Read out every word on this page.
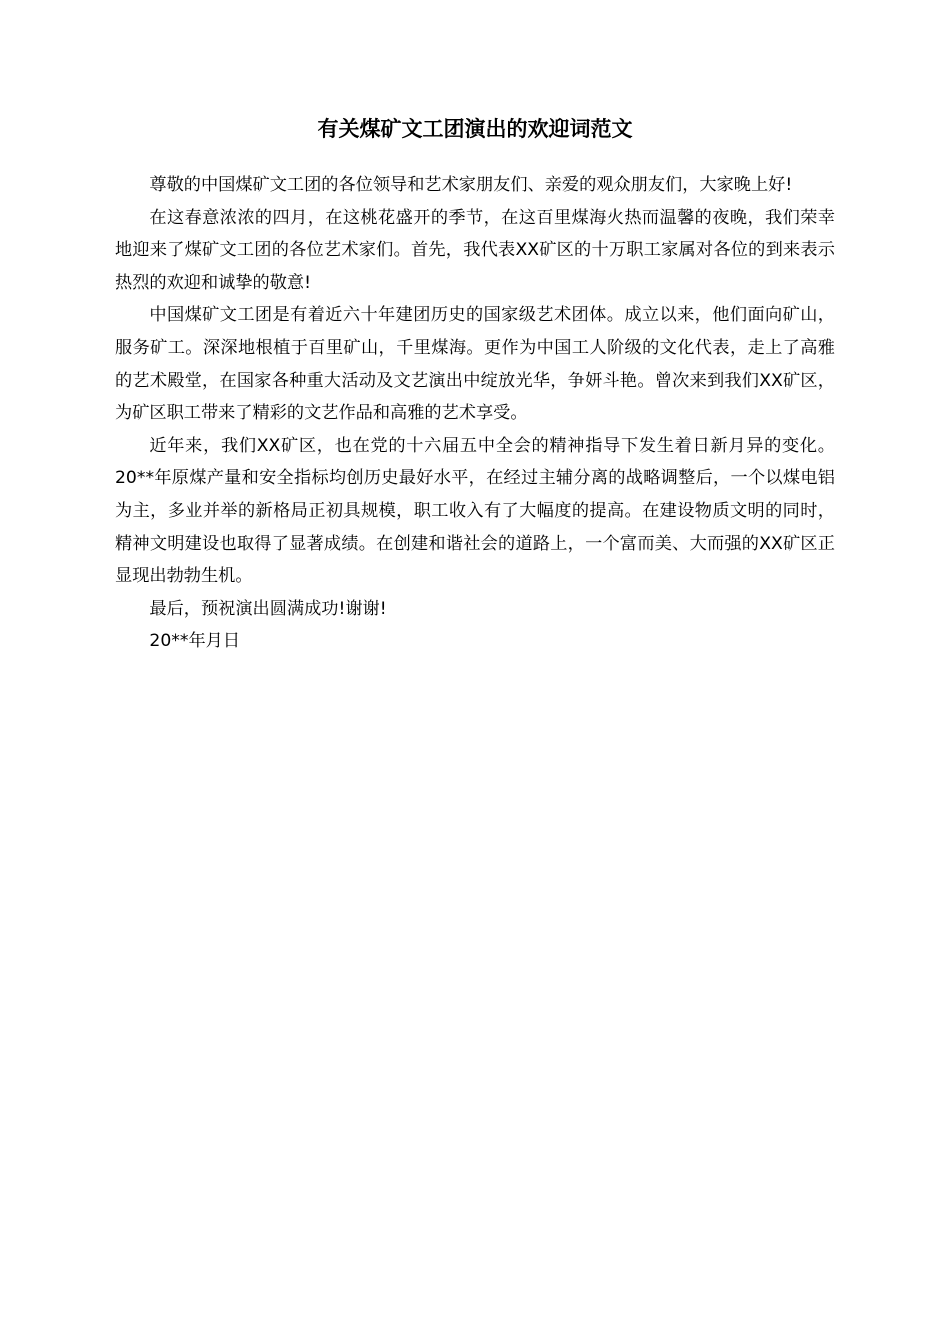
有关煤矿文工团演出的欢迎词范文

尊敬的中国煤矿文工团的各位领导和艺术家朋友们、亲爱的观众朋友们，大家晚上好!

在这春意浓浓的四月，在这桃花盛开的季节，在这百里煤海火热而温馨的夜晚，我们荣幸地迎来了煤矿文工团的各位艺术家们。首先，我代表XX矿区的十万职工家属对各位的到来表示热烈的欢迎和诚挚的敬意!

中国煤矿文工团是有着近六十年建团历史的国家级艺术团体。成立以来，他们面向矿山，服务矿工。深深地根植于百里矿山，千里煤海。更作为中国工人阶级的文化代表，走上了高雅的艺术殿堂，在国家各种重大活动及文艺演出中绽放光华，争妍斗艳。曾次来到我们XX矿区，为矿区职工带来了精彩的文艺作品和高雅的艺术享受。

近年来，我们XX矿区，也在党的十六届五中全会的精神指导下发生着日新月异的变化。20**年原煤产量和安全指标均创历史最好水平，在经过主辅分离的战略调整后，一个以煤电铝为主，多业并举的新格局正初具规模，职工收入有了大幅度的提高。在建设物质文明的同时，精神文明建设也取得了显著成绩。在创建和谐社会的道路上，一个富而美、大而强的XX矿区正显现出勃勃生机。

最后，预祝演出圆满成功!谢谢!

20**年月日
